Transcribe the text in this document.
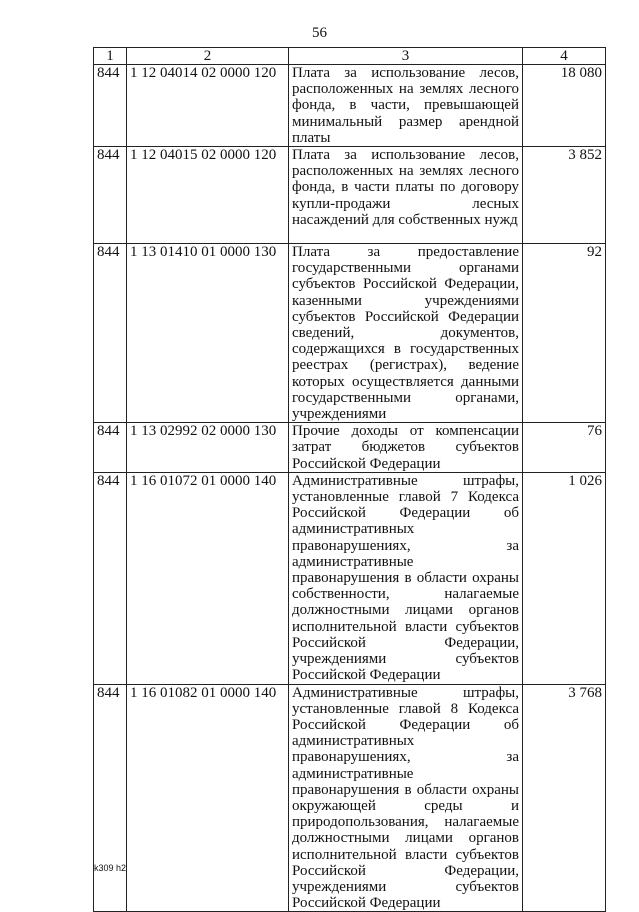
56
1	2	3	4
844	1 12 04014 02 0000 120	Плата за использование лесов, расположенных на землях лесного фонда, в части, превышающей минимальный размер арендной платы	18 080
844	1 12 04015 02 0000 120	Плата за использование лесов, расположенных на землях лесного фонда, в части платы по договору купли-продажи лесных насаждений для собственных нужд	3 852
844	1 13 01410 01 0000 130	Плата за предоставление государственными органами субъектов Российской Федерации, казенными учреждениями субъектов Российской Федерации сведений, документов, содержащихся в государственных реестрах (регистрах), ведение которых осуществляется данными государственными органами, учреждениями	92
844	1 13 02992 02 0000 130	Прочие доходы от компенсации затрат бюджетов субъектов Российской Федерации	76
844	1 16 01072 01 0000 140	Административные штрафы, установленные главой 7 Кодекса Российской Федерации об административных правонарушениях, за административные правонарушения в области охраны собственности, налагаемые должностными лицами органов исполнительной власти субъектов Российской Федерации, учреждениями субъектов Российской Федерации	1 026
844	1 16 01082 01 0000 140	Административные штрафы, установленные главой 8 Кодекса Российской Федерации об административных правонарушениях, за административные правонарушения в области охраны окружающей среды и природопользования, налагаемые должностными лицами органов исполнительной власти субъектов Российской Федерации, учреждениями субъектов Российской Федерации	3 768
k309 h2
